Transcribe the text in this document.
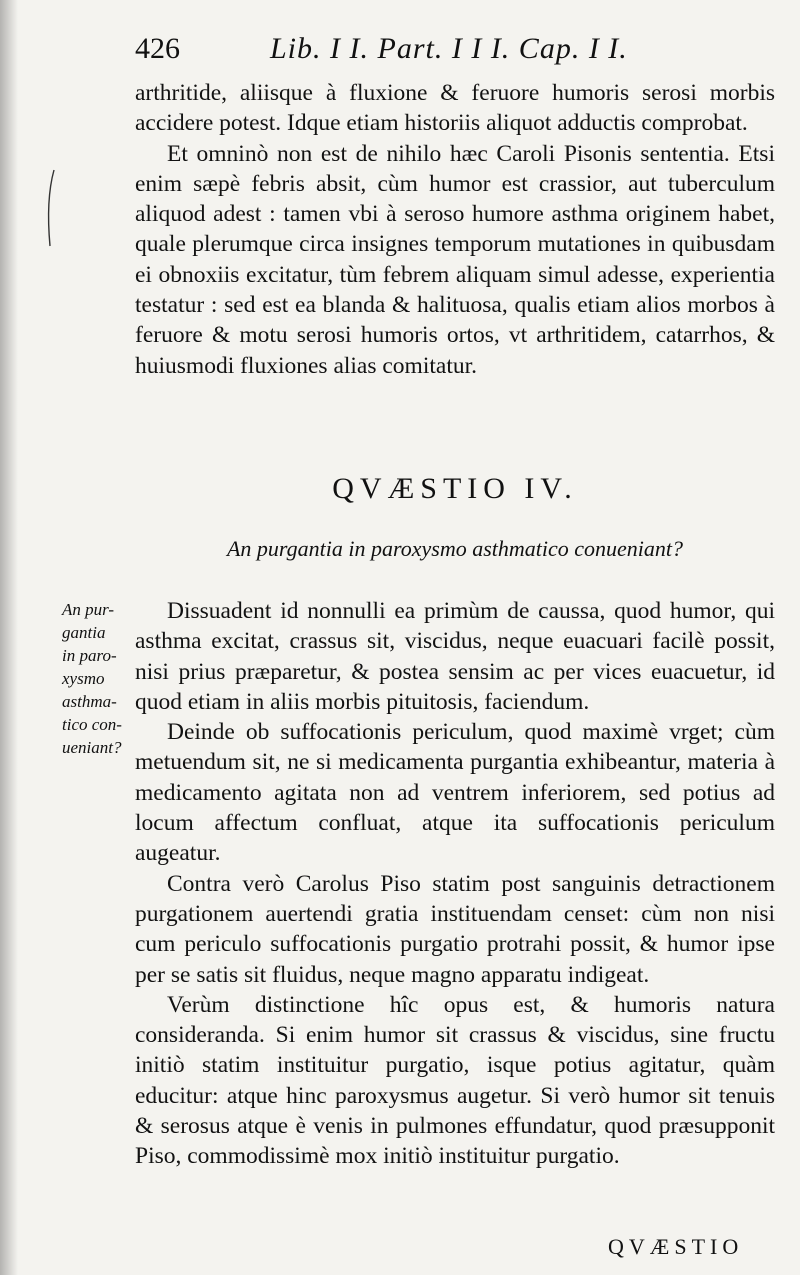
426	Lib. I I. Part. I I I. Cap. I I.

arthritide, aliisque à fluxione & feruore humoris serosi morbis accidere potest. Idque etiam historiis aliquot adductis comprobat.

Et omninò non est de nihilo hæc Caroli Pisonis sententia. Etsi enim sæpè febris absit, cùm humor est crassior, aut tuberculum aliquod adest : tamen vbi à seroso humore asthma originem habet, quale plerumque circa insignes temporum mutationes in quibusdam ei obnoxiis excitatur, tùm febrem aliquam simul adesse, experientia testatur : sed est ea blanda & halituosa, qualis etiam alios morbos à feruore & motu serosi humoris ortos, vt arthritidem, catarrhos, & huiusmodi fluxiones alias comitatur.

QVÆSTIO IV.
An purgantia in paroxysmo asthmatico conueniant?
An pur-
gantia
in paro-
xysmo
asthma-
tico con-
ueniant?

Dissuadent id nonnulli ea primùm de caussa, quod humor, qui asthma excitat, crassus sit, viscidus, neque euacuari facilè possit, nisi prius præparetur, & postea sensim ac per vices euacuetur, id quod etiam in aliis morbis pituitosis, faciendum.

Deinde ob suffocationis periculum, quod maximè vrget; cùm metuendum sit, ne si medicamenta purgantia exhibeantur, materia à medicamento agitata non ad ventrem inferiorem, sed potius ad locum affectum confluat, atque ita suffocationis periculum augeatur.

Contra verò Carolus Piso statim post sanguinis detractionem purgationem auertendi gratia instituendam censet: cùm non nisi cum periculo suffocationis purgatio protrahi possit, & humor ipse per se satis sit fluidus, neque magno apparatu indigeat.

Verùm distinctione hîc opus est, & humoris natura consideranda. Si enim humor sit crassus & viscidus, sine fructu initiò statim instituitur purgatio, isque potius agitatur, quàm educitur: atque hinc paroxysmus augetur. Si verò humor sit tenuis & serosus atque è venis in pulmones effundatur, quod præsupponit Piso, commodissimè mox initiò instituitur purgatio.

QVÆSTIO
